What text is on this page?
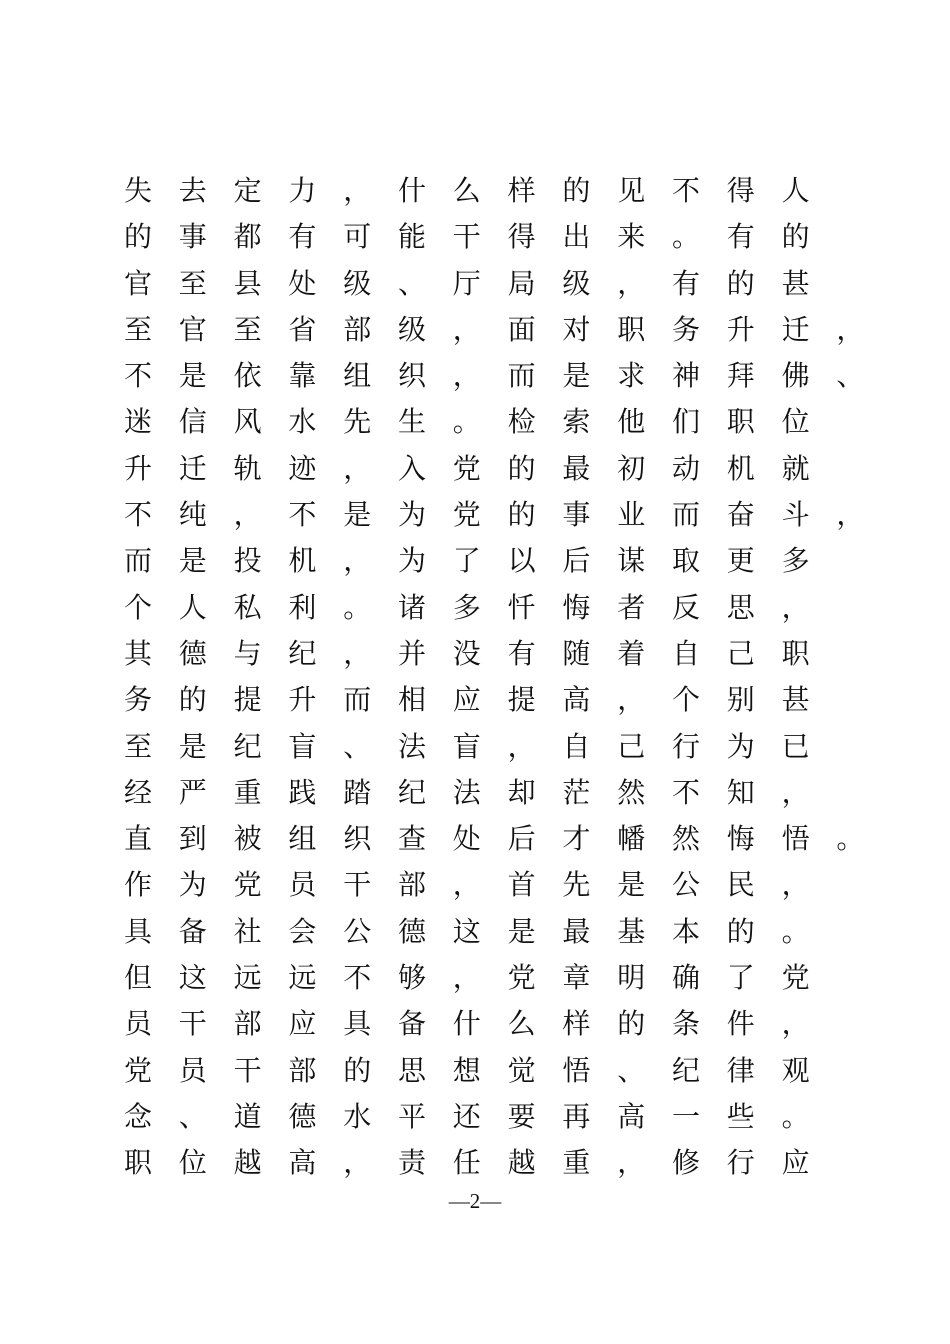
失去定力，什么样的见不得人
的事都有可能干得出来。有的
官至县处级、厅局级，有的甚
至官至省部级，面对职务升迁，
不是依靠组织，而是求神拜佛、
迷信风水先生。检索他们职位
升迁轨迹，入党的最初动机就
不纯，不是为党的事业而奋斗，
而是投机，为了以后谋取更多
个人私利。诸多忏悔者反思，
其德与纪，并没有随着自己职
务的提升而相应提高，个别甚
至是纪盲、法盲，自己行为已
经严重践踏纪法却茫然不知，
直到被组织查处后才幡然悔悟。
作为党员干部，首先是公民，
具备社会公德这是最基本的。
但这远远不够，党章明确了党
员干部应具备什么样的条件，
党员干部的思想觉悟、纪律观
念、道德水平还要再高一些。
职位越高，责任越重，修行应
—2—
